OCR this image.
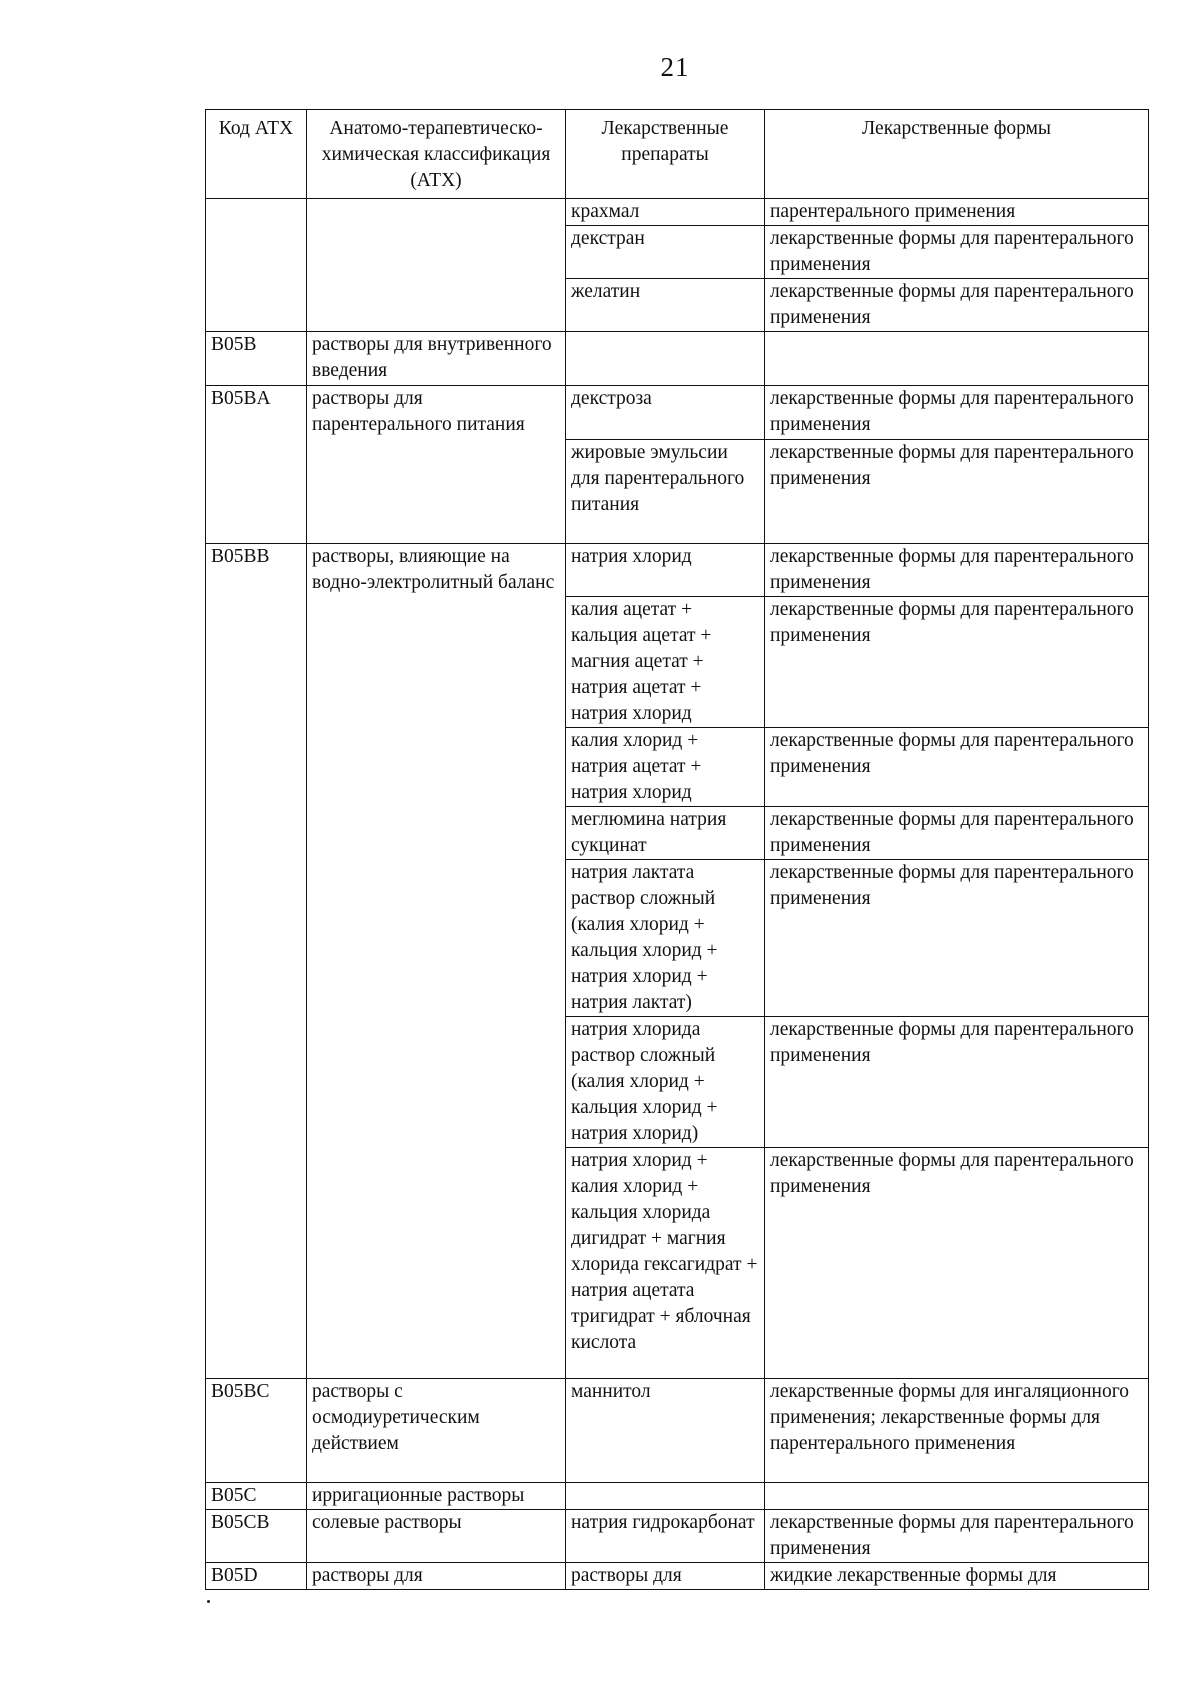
21
Код АТХ	Анатомо-терапевтическо-химическая классификация (АТХ)	Лекарственные препараты	Лекарственные формы
		крахмал	парентерального применения
		декстран	лекарственные формы для парентерального применения
		желатин	лекарственные формы для парентерального применения
B05B	растворы для внутривенного введения		
B05BA	растворы для парентерального питания	декстроза	лекарственные формы для парентерального применения
		жировые эмульсии для парентерального питания	лекарственные формы для парентерального применения
B05BB	растворы, влияющие на водно-электролитный баланс	натрия хлорид	лекарственные формы для парентерального применения
		калия ацетат + кальция ацетат + магния ацетат + натрия ацетат + натрия хлорид	лекарственные формы для парентерального применения
		калия хлорид + натрия ацетат + натрия хлорид	лекарственные формы для парентерального применения
		меглюмина натрия сукцинат	лекарственные формы для парентерального применения
		натрия лактата раствор сложный (калия хлорид + кальция хлорид + натрия хлорид + натрия лактат)	лекарственные формы для парентерального применения
		натрия хлорида раствор сложный (калия хлорид + кальция хлорид + натрия хлорид)	лекарственные формы для парентерального применения
		натрия хлорид + калия хлорид + кальция хлорида дигидрат + магния хлорида гексагидрат + натрия ацетата тригидрат + яблочная кислота	лекарственные формы для парентерального применения
B05BC	растворы с осмодиуретическим действием	маннитол	лекарственные формы для ингаляционного применения; лекарственные формы для парентерального применения
B05C	ирригационные растворы		
B05CB	солевые растворы	натрия гидрокарбонат	лекарственные формы для парентерального применения
B05D	растворы для	растворы для	жидкие лекарственные формы для
